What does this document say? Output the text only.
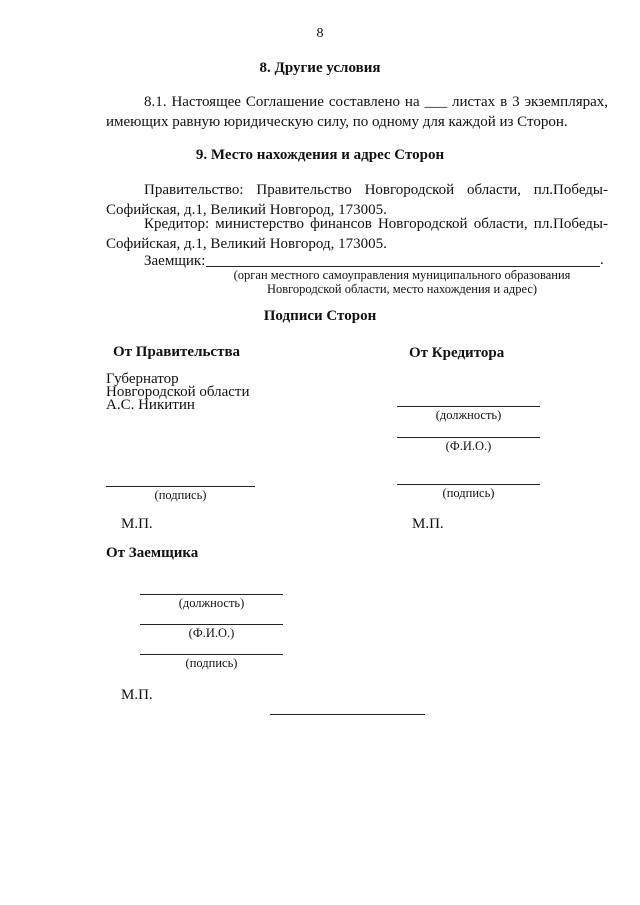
8
8. Другие условия
8.1. Настоящее Соглашение составлено на ___ листах в 3 экземплярах,
имеющих равную юридическую силу, по одному для каждой из Сторон.
9. Место нахождения и адрес Сторон
Правительство: Правительство Новгородской области, пл.Победы-
Софийская, д.1, Великий Новгород, 173005.
Кредитор: министерство финансов Новгородской области, пл.Победы-
Софийская, д.1, Великий Новгород, 173005.
Заемщик:	.
(орган местного самоуправления муниципального образования
Новгородской области, место нахождения и адрес)
Подписи Сторон
От Правительства
Губернатор
Новгородской области
А.С. Никитин
(подпись)
М.П.
От Кредитора
(должность)
(Ф.И.О.)
(подпись)
М.П.
От Заемщика
(должность)
(Ф.И.О.)
(подпись)
М.П.
